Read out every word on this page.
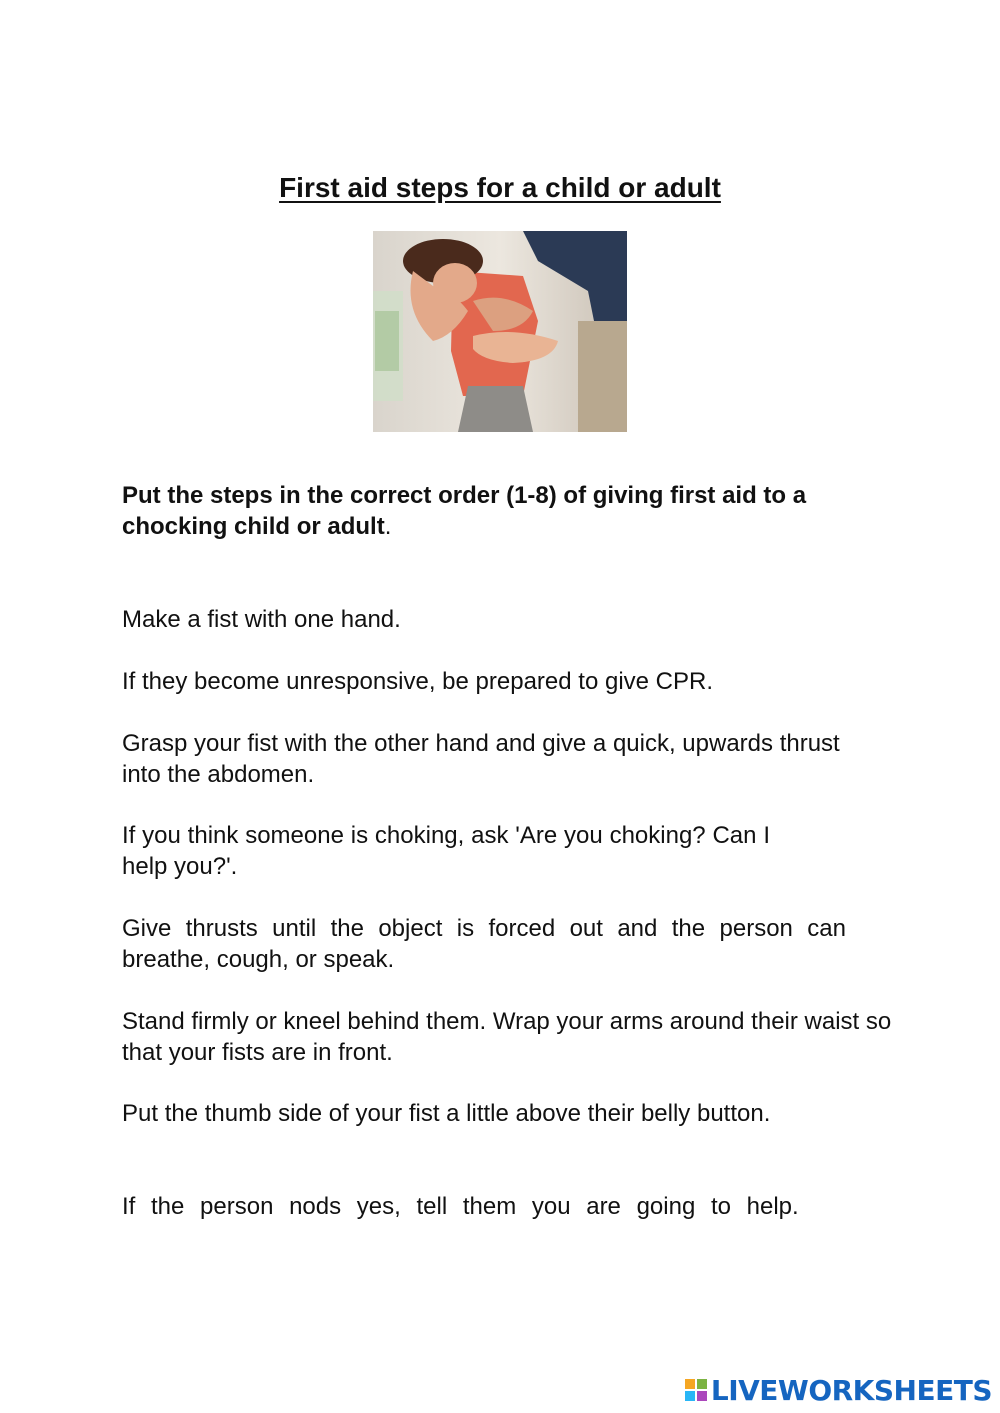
First aid steps for a child or adult
Put the steps in the correct order (1-8) of giving first aid to a chocking child or adult.
Make a fist with one hand.
If they become unresponsive, be prepared to give CPR.
Grasp your fist with the other hand and give a quick, upwards thrust into the abdomen.
If you think someone is choking, ask 'Are you choking? Can I help you?'.
Give thrusts until the object is forced out and the person can breathe, cough, or speak.
Stand firmly or kneel behind them. Wrap your arms around their waist so that your fists are in front.
Put the thumb side of your fist a little above their belly button.
If the person nods yes, tell them you are going to help.
LIVEWORKSHEETS
